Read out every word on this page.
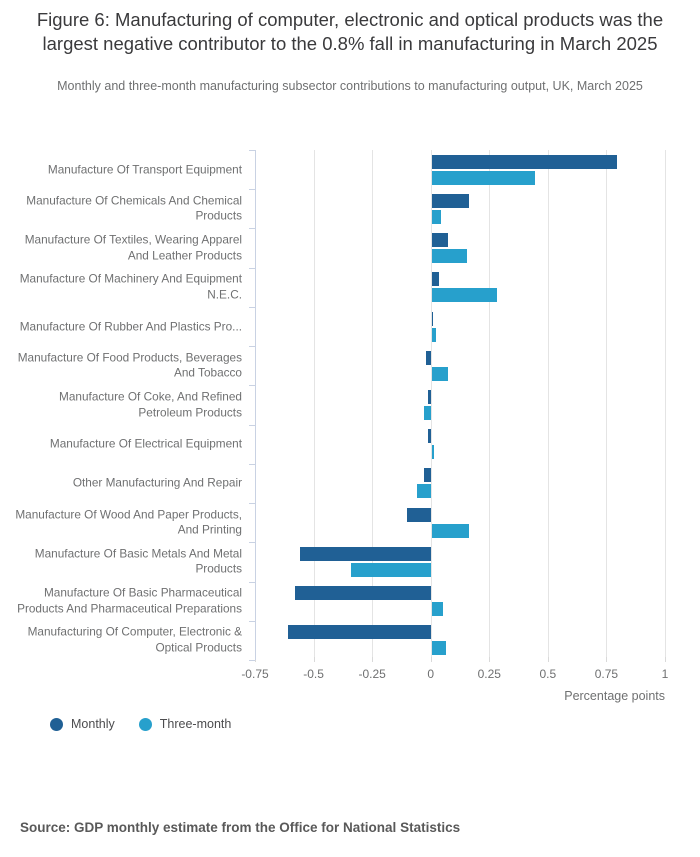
Figure 6: Manufacturing of computer, electronic and optical products was the largest negative contributor to the 0.8% fall in manufacturing in March 2025
Monthly and three-month manufacturing subsector contributions to manufacturing output, UK, March 2025
-0.75	-0.5	-0.25	0	0.25	0.5	0.75	1
Manufacture Of Transport Equipment
Manufacture Of Chemicals And Chemical Products
Manufacture Of Textiles, Wearing Apparel And Leather Products
Manufacture Of Machinery And Equipment N.E.C.
Manufacture Of Rubber And Plastics Pro...
Manufacture Of Food Products, Beverages And Tobacco
Manufacture Of Coke, And Refined Petroleum Products
Manufacture Of Electrical Equipment
Other Manufacturing And Repair
Manufacture Of Wood And Paper Products, And Printing
Manufacture Of Basic Metals And Metal Products
Manufacture Of Basic Pharmaceutical Products And Pharmaceutical Preparations
Manufacturing Of Computer, Electronic & Optical Products
Percentage points
Monthly	Three-month
Source: GDP monthly estimate from the Office for National Statistics
